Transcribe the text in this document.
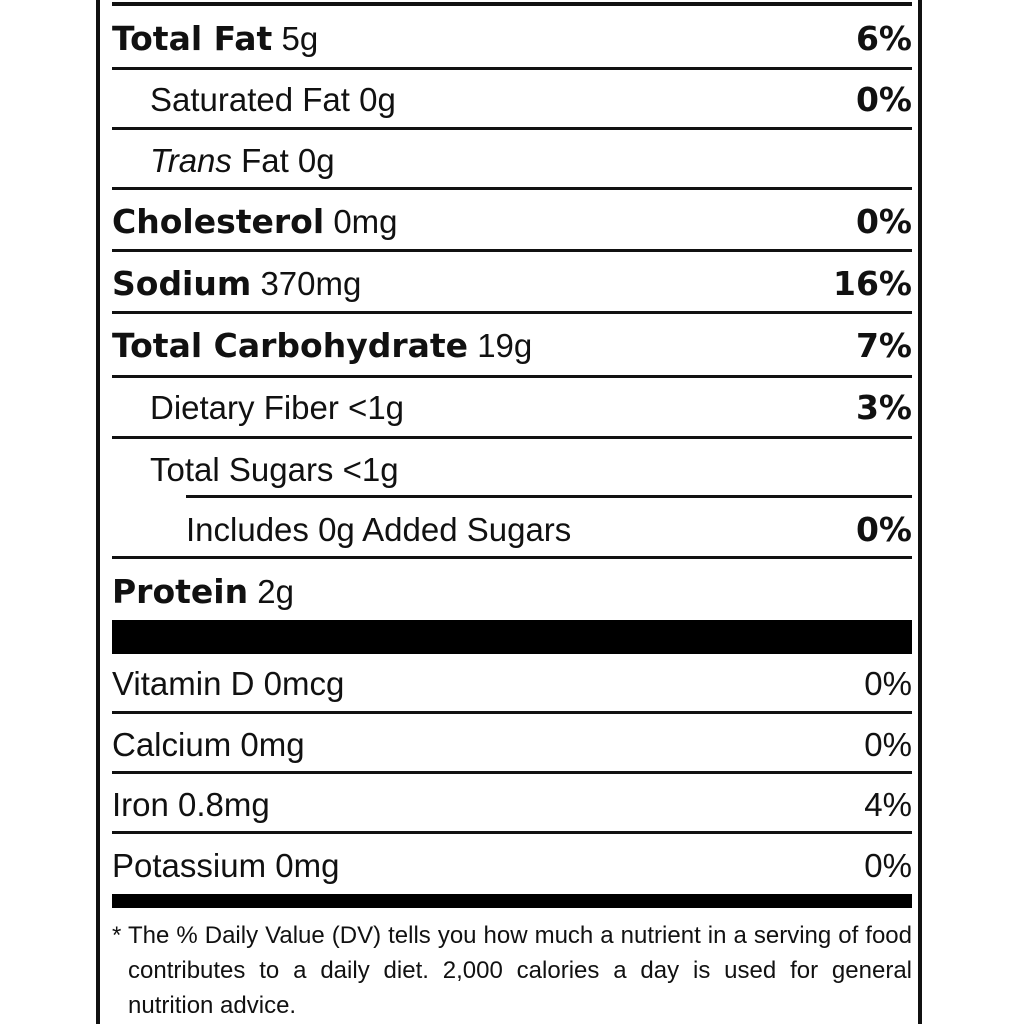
Total Fat 5g	6%
Saturated Fat 0g	0%
Trans Fat 0g
Cholesterol 0mg	0%
Sodium 370mg	16%
Total Carbohydrate 19g	7%
Dietary Fiber <1g	3%
Total Sugars <1g
Includes 0g Added Sugars	0%
Protein 2g
Vitamin D 0mcg	0%
Calcium 0mg	0%
Iron 0.8mg	4%
Potassium 0mg	0%
* The % Daily Value (DV) tells you how much a nutrient in a serving of food contributes to a daily diet. 2,000 calories a day is used for general nutrition advice.
